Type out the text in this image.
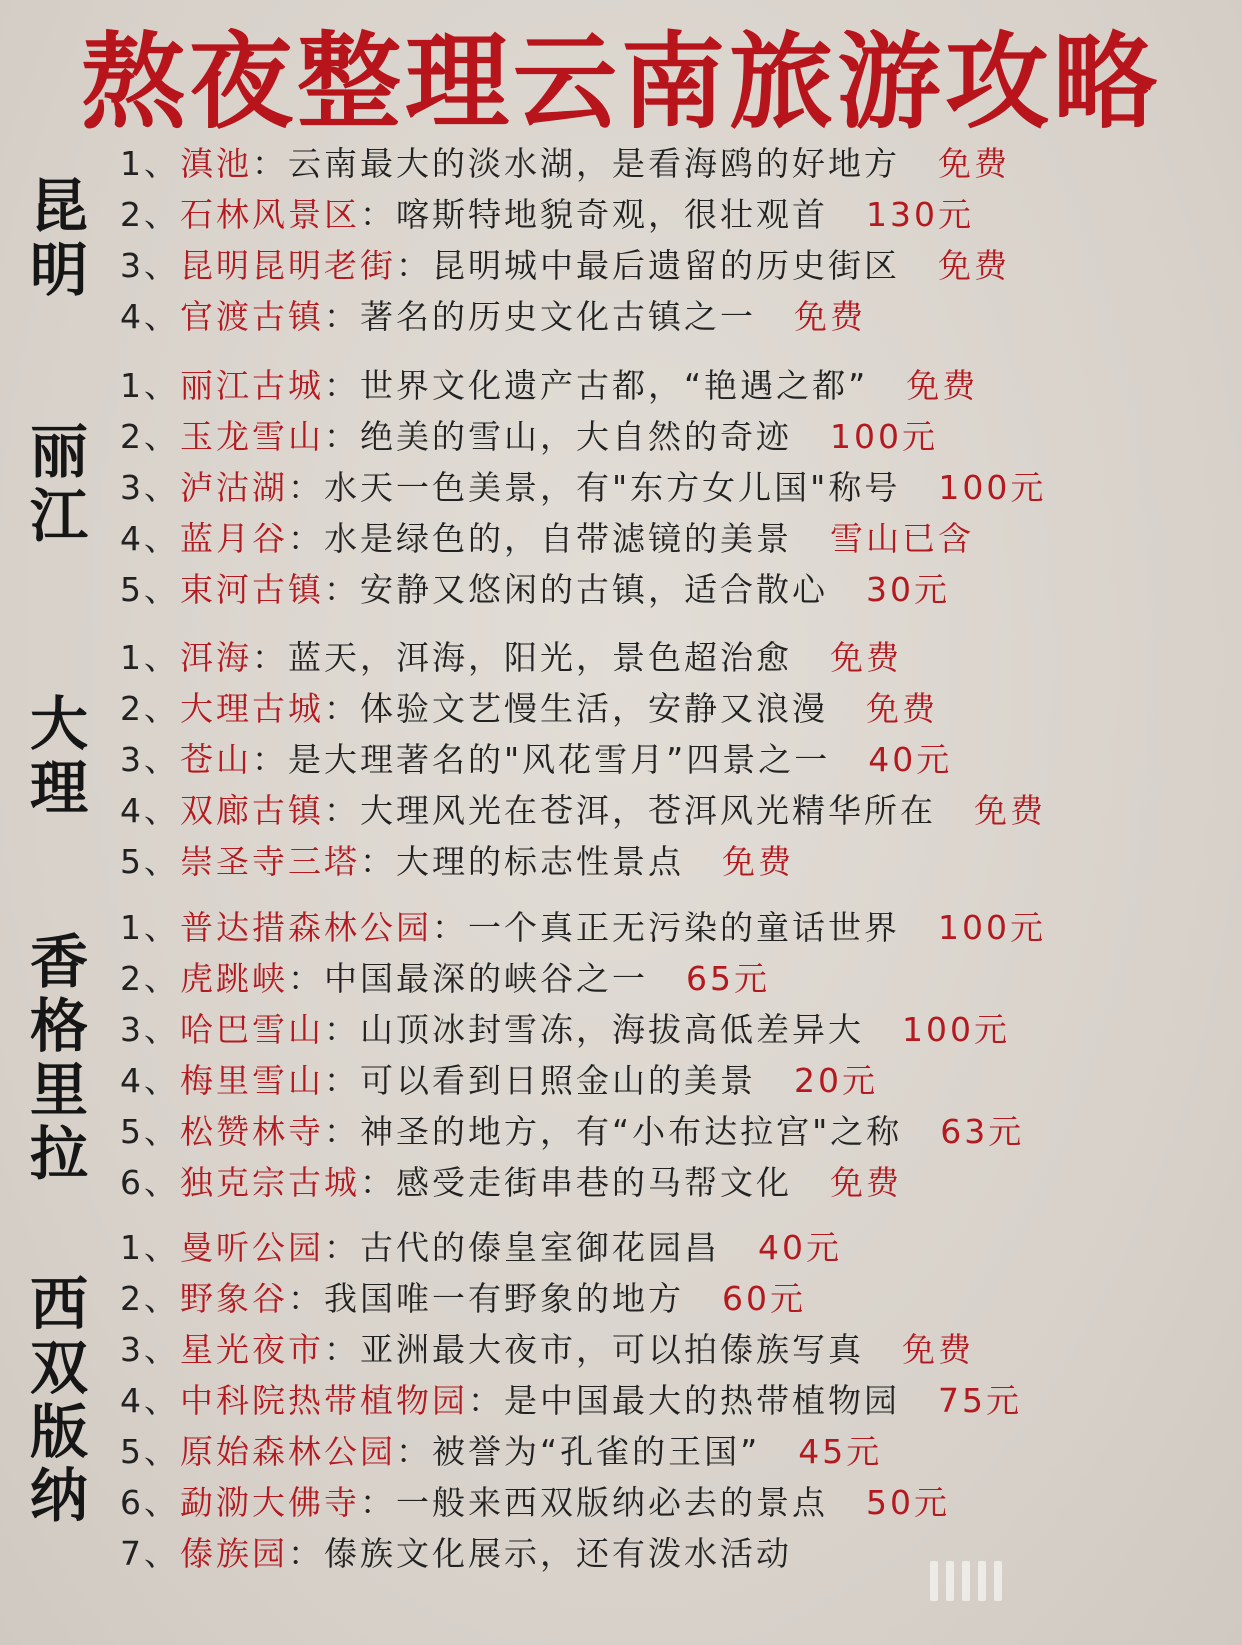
熬夜整理云南旅游攻略
昆
明
1、滇池：云南最大的淡水湖，是看海鸥的好地方 免费
2、石林风景区：喀斯特地貌奇观，很壮观首 130元
3、昆明昆明老街：昆明城中最后遗留的历史街区 免费
4、官渡古镇：著名的历史文化古镇之一 免费
丽
江
1、丽江古城：世界文化遗产古都，“艳遇之都” 免费
2、玉龙雪山：绝美的雪山，大自然的奇迹 100元
3、泸沽湖：水天一色美景，有"东方女儿国"称号 100元
4、蓝月谷：水是绿色的，自带滤镜的美景 雪山已含
5、束河古镇：安静又悠闲的古镇，适合散心 30元
大
理
1、洱海：蓝天，洱海，阳光，景色超治愈 免费
2、大理古城：体验文艺慢生活，安静又浪漫 免费
3、苍山：是大理著名的"风花雪月”四景之一 40元
4、双廊古镇：大理风光在苍洱，苍洱风光精华所在 免费
5、崇圣寺三塔：大理的标志性景点 免费
香
格
里
拉
1、普达措森林公园：一个真正无污染的童话世界 100元
2、虎跳峡：中国最深的峡谷之一 65元
3、哈巴雪山：山顶冰封雪冻，海拔高低差异大 100元
4、梅里雪山：可以看到日照金山的美景 20元
5、松赞林寺：神圣的地方，有“小布达拉宫"之称 63元
6、独克宗古城：感受走街串巷的马帮文化 免费
西
双
版
纳
1、曼听公园：古代的傣皇室御花园昌 40元
2、野象谷：我国唯一有野象的地方 60元
3、星光夜市：亚洲最大夜市，可以拍傣族写真 免费
4、中科院热带植物园：是中国最大的热带植物园 75元
5、原始森林公园：被誉为“孔雀的王国” 45元
6、勐泐大佛寺：一般来西双版纳必去的景点 50元
7、傣族园：傣族文化展示，还有泼水活动
